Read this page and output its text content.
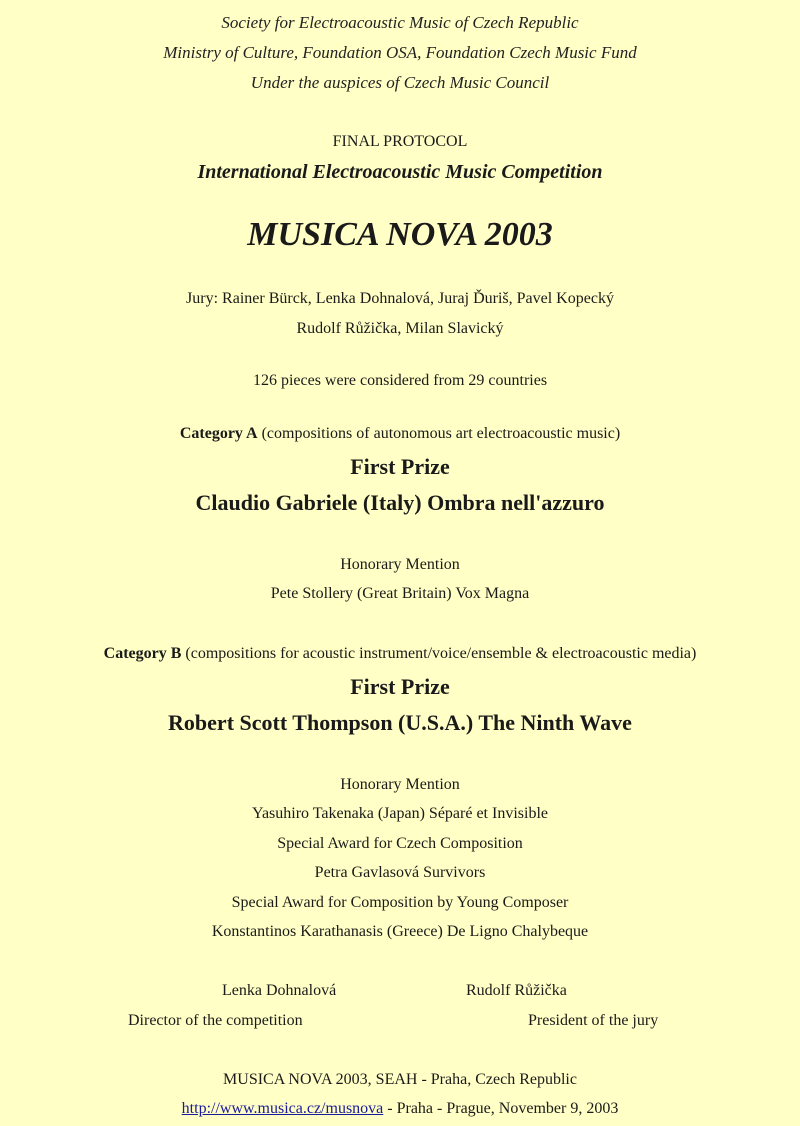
Society for Electroacoustic Music of Czech Republic
Ministry of Culture, Foundation OSA, Foundation Czech Music Fund
Under the auspices of Czech Music Council
FINAL PROTOCOL
International Electroacoustic Music Competition
MUSICA NOVA 2003
Jury: Rainer Bürck, Lenka Dohnalová, Juraj Ďuriš, Pavel Kopecký
Rudolf Růžička, Milan Slavický
126 pieces were considered from 29 countries
Category A (compositions of autonomous art electroacoustic music)
First Prize
Claudio Gabriele (Italy) Ombra nell'azzuro
Honorary Mention
Pete Stollery (Great Britain) Vox Magna
Category B (compositions for acoustic instrument/voice/ensemble & electroacoustic media)
First Prize
Robert Scott Thompson (U.S.A.) The Ninth Wave
Honorary Mention
Yasuhiro Takenaka (Japan) Séparé et Invisible
Special Award for Czech Composition
Petra Gavlasová Survivors
Special Award for Composition by Young Composer
Konstantinos Karathanasis (Greece) De Ligno Chalybeque
Lenka Dohnalová
Director of the competition
Rudolf Růžička
President of the jury
MUSICA NOVA 2003, SEAH - Praha, Czech Republic
http://www.musica.cz/musnova - Praha - Prague, November 9, 2003
